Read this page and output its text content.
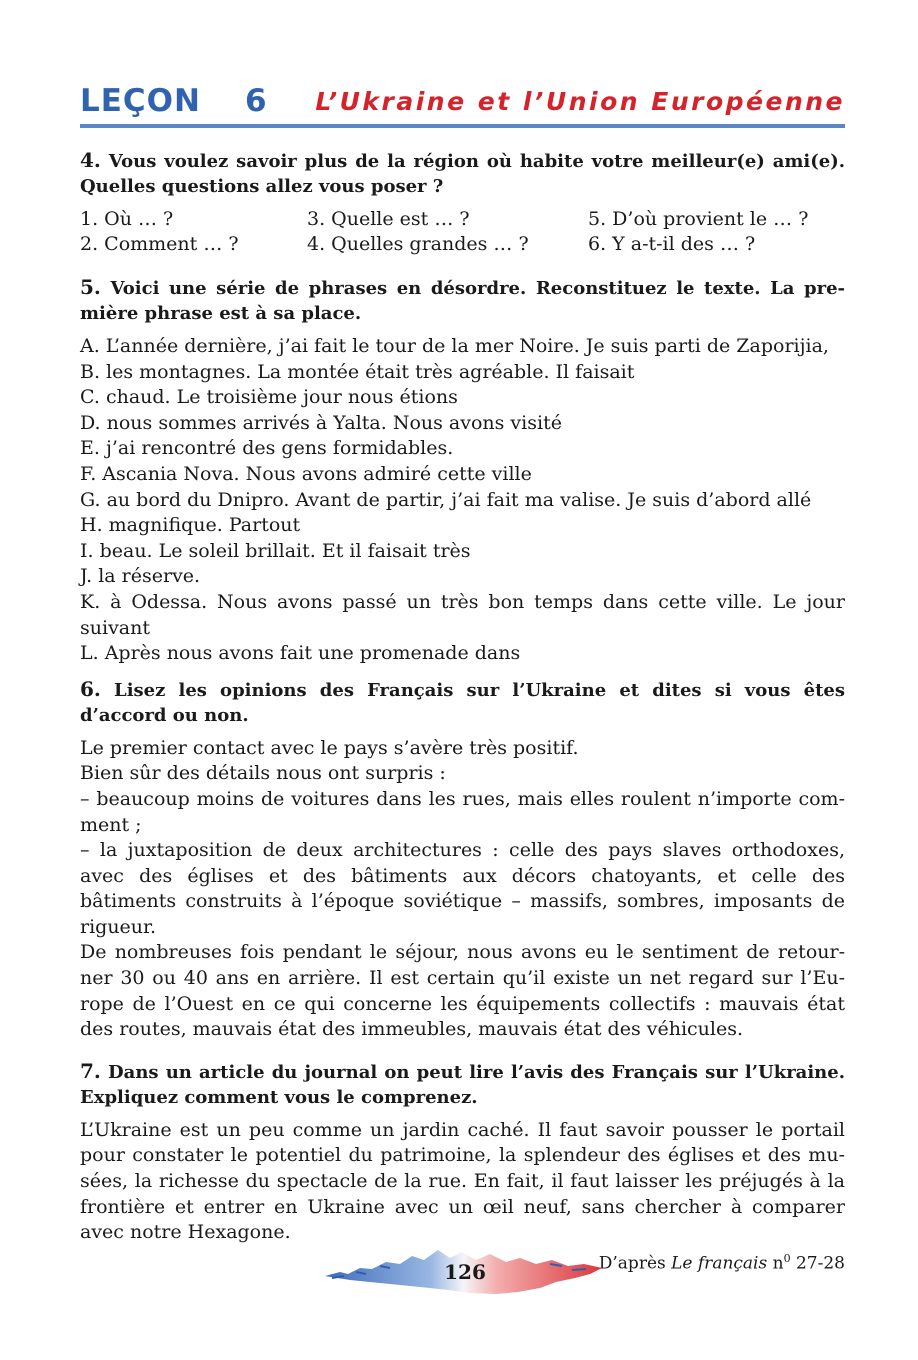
LEÇON 6 L’Ukraine et l’Union Européenne
4. Vous voulez savoir plus de la région où habite votre meilleur(e) ami(e). Quelles questions allez vous poser ?
1. Où … ?	3. Quelle est … ?	5. D’où provient le … ?
2. Comment … ?	4. Quelles grandes … ?	6. Y a-t-il des … ?
5. Voici une série de phrases en désordre. Reconstituez le texte. La pre-mière phrase est à sa place.

A. L’année dernière, j’ai fait le tour de la mer Noire. Je suis parti de Zaporijia,

B. les montagnes. La montée était très agréable. Il faisait

C. chaud. Le troisième jour nous étions

D. nous sommes arrivés à Yalta. Nous avons visité

E. j’ai rencontré des gens formidables.

F. Ascania Nova. Nous avons admiré cette ville

G. au bord du Dnipro. Avant de partir, j’ai fait ma valise. Je suis d’abord allé

H. magnifique. Partout

I. beau. Le soleil brillait. Et il faisait très

J. la réserve.

K. à Odessa. Nous avons passé un très bon temps dans cette ville. Le jour suivant

L. Après nous avons fait une promenade dans

6. Lisez les opinions des Français sur l’Ukraine et dites si vous êtes d’accord ou non.

Le premier contact avec le pays s’avère très positif.

Bien sûr des détails nous ont surpris :

– beaucoup moins de voitures dans les rues, mais elles roulent n’importe com-ment ;

– la juxtaposition de deux architectures : celle des pays slaves orthodoxes, avec des églises et des bâtiments aux décors chatoyants, et celle des bâtiments construits à l’époque soviétique – massifs, sombres, imposants de rigueur.

De nombreuses fois pendant le séjour, nous avons eu le sentiment de retour-ner 30 ou 40 ans en arrière. Il est certain qu’il existe un net regard sur l’Eu-rope de l’Ouest en ce qui concerne les équipements collectifs : mauvais état des routes, mauvais état des immeubles, mauvais état des véhicules.

7. Dans un article du journal on peut lire l’avis des Français sur l’Ukraine. Expliquez comment vous le comprenez.

L’Ukraine est un peu comme un jardin caché. Il faut savoir pousser le portail pour constater le potentiel du patrimoine, la splendeur des églises et des mu-sées, la richesse du spectacle de la rue. En fait, il faut laisser les préjugés à la frontière et entrer en Ukraine avec un œil neuf, sans chercher à comparer avec notre Hexagone.

D’après Le français $n^0$ 27-28
126
